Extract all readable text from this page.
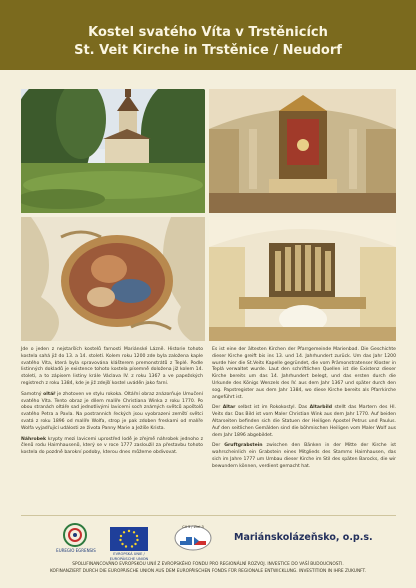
Kostel svatého Víta v Trstěnicích
St. Veit Kirche in Trstěnice / Neudorf

Jde o jeden z nejstarších kostelů farnosti Mariánské Lázně. Historie tohoto kostela sahá již do 13. a 14. století. Kolem roku 1200 zde byla založena kaple svatého Víta, která byla spravována klášterem premonstrátů z Teplé. Podle listinných dokladů je existence tohoto kostela písemně doložena již kolem 14. století, a to zápisem listiny krále Václava IV. z roku 1367 a ve papežských registrech z roku 1384, kde je již zdejší kostel uváděn jako farní.

Samotný oltář je zhotoven ve stylu rokoka. Oltářní obraz znázorňuje Umučení svatého Víta. Tento obraz je dílem malíře Christiana Winka z roku 1770. Po obou stranách oltáře sad jednotlivými lavicemi soch známých světců apoštolů svatého Petra a Pavla. Na postranních řeckých jsou vyobrazeni zemští světci svatá z roku 1896 od malíře Wolfa, strop je pak zdoben freskami od malíře Wolfa vyjadřující události ze života Panny Marie a Ježíše Krista.

Náhrobek krypty mezi lavicemi uprostřed lodě je zřejmě náhrobek jednoho z členů rodu Haimhausenů, který se v roce 1777 zasloužil za přestavbu tohoto kostela do pozdně barokní podoby, kterou dnes můžeme obdivovat.

Es ist eine der ältesten Kirchen der Pfarrgemeinde Marienbad. Die Geschichte dieser Kirche greift bis ins 13. und 14. Jahrhundert zurück. Um das Jahr 1200 wurde hier die St.Veits Kapelle gegründet, die vom Prämonstratenser Kloster in Teplá verwaltet wurde. Laut den schriftlichen Quellen ist die Existenz dieser Kirche bereits um das 14. Jahrhundert belegt, und das ersten durch die Urkunde des Königs Wenzels des IV. aus dem Jahr 1367 und später durch den sog. Papstregister aus dem Jahr 1384, wo diese Kirche bereits als Pfarrkirche angeführt ist.

Der Altar selbst ist im Rokokostyl. Das Altarbild stellt das Martern des Hl. Veits dar. Das Bild ist vom Maler Christian Wink aus dem Jahr 1770. Auf beiden Altarseiten befinden sich die Statuen der Heiligen Apostel Petrus und Paulus. Auf den seitlichen Gemälden sind die böhmischen Heiligen vom Maler Wolf aus dem Jahr 1896 abgebildet.

Der Gruftgrabstein zwischen den Bänken in der Mitte der Kirche ist wahrscheinlich ein Grabstein eines Mitglieds des Stamms Haimhausen, das sich im Jahre 1777 um Umbau dieser Kirche im Stil des späten Barocks, die wir bewundern können, verdient gemacht hat.

EUREGIO EGRENSIS
EVROPSKÁ UNIE / EUROPÄISCHE UNION
Cíl 3 / Ziel 3
Mariánskolázeňsko, o.p.s.
SPOLUFINANCOVÁNO EVROPSKOU UNIÍ Z EVROPSKÉHO FONDU PRO REGIONÁLNÍ ROZVOJ. INVESTICE DO VAŠÍ BUDOUCNOSTI.
KOFINANZIERT DURCH DIE EUROPÄISCHE UNION AUS DEM EUROPÄISCHEN FONDS FÜR REGIONALE ENTWICKLUNG. INVESTITION IN IHRE ZUKUNFT.
